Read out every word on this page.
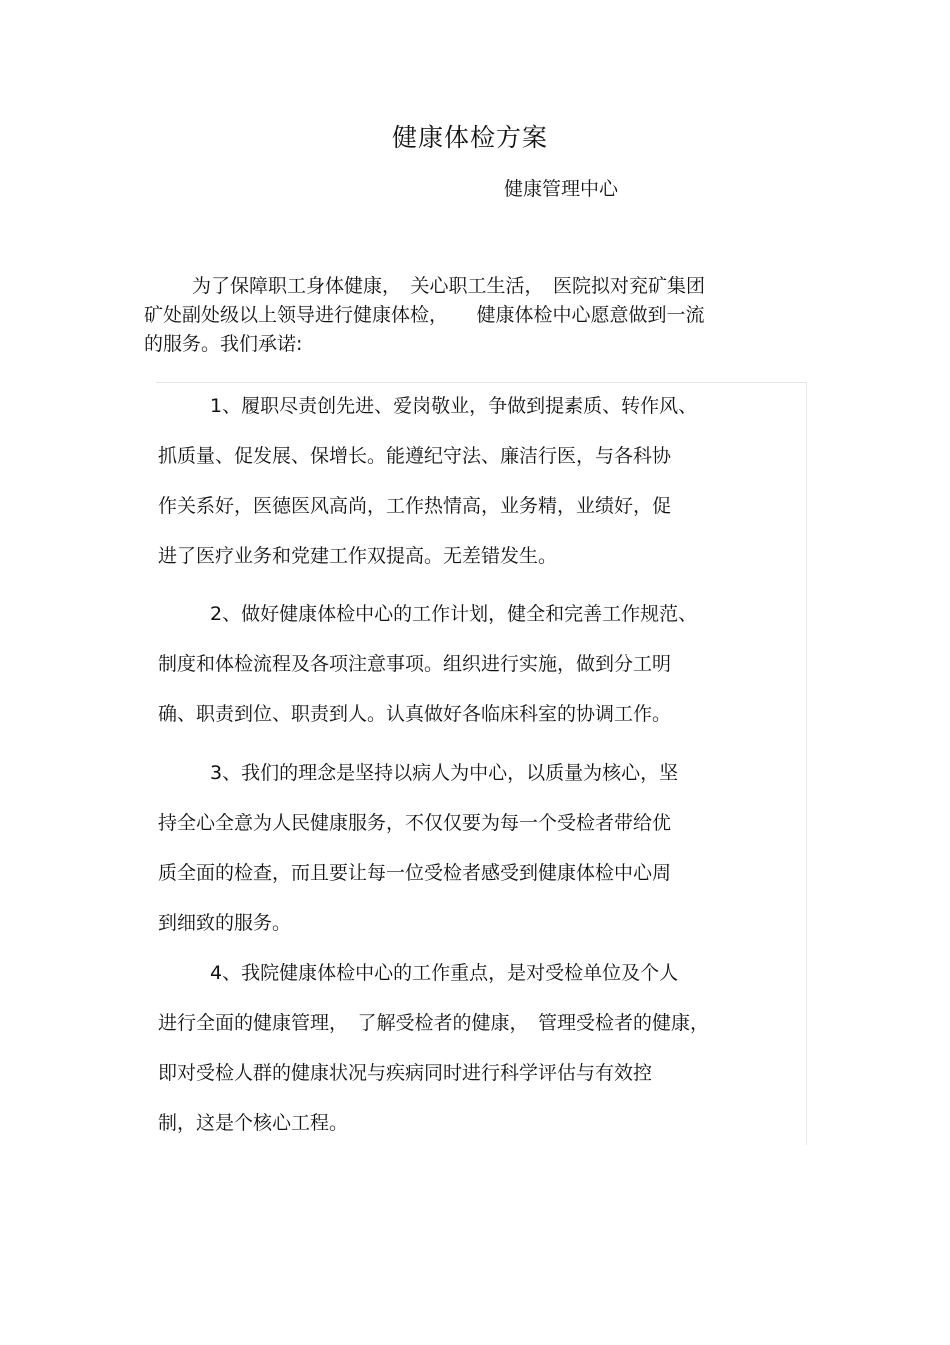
健康体检方案
健康管理中心
为了保障职工身体健康，　关心职工生活，　医院拟对兖矿集团
矿处副处级以上领导进行健康体检，　　健康体检中心愿意做到一流
的服务。我们承诺:
1、履职尽责创先进、爱岗敬业，争做到提素质、转作风、
抓质量、促发展、保增长。能遵纪守法、廉洁行医，与各科协
作关系好，医德医风高尚，工作热情高，业务精，业绩好，促
进了医疗业务和党建工作双提高。无差错发生。
2、做好健康体检中心的工作计划，健全和完善工作规范、
制度和体检流程及各项注意事项。组织进行实施，做到分工明
确、职责到位、职责到人。认真做好各临床科室的协调工作。
3、我们的理念是坚持以病人为中心，以质量为核心，坚
持全心全意为人民健康服务，不仅仅要为每一个受检者带给优
质全面的检查，而且要让每一位受检者感受到健康体检中心周
到细致的服务。
4、我院健康体检中心的工作重点，是对受检单位及个人
进行全面的健康管理，　了解受检者的健康，　管理受检者的健康，
即对受检人群的健康状况与疾病同时进行科学评估与有效控
制，这是个核心工程。
